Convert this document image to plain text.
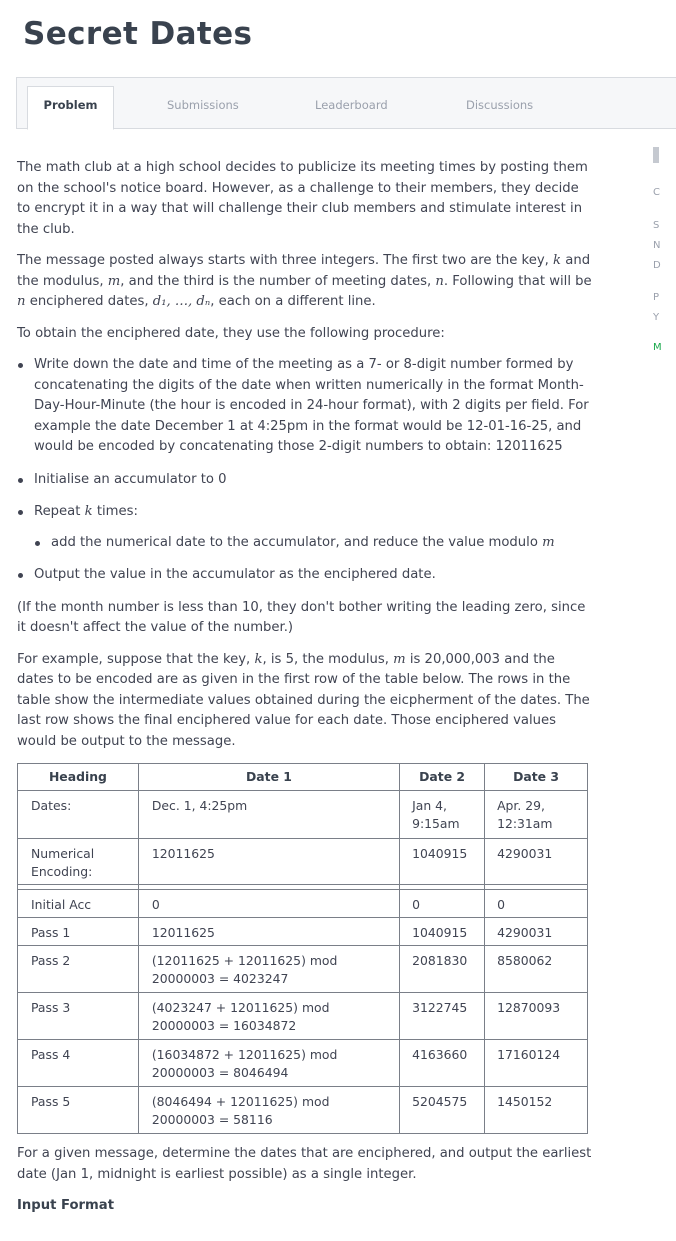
Secret Dates
Problem	Submissions	Leaderboard	Discussions
C
S
N
D
P
Y
M

The math club at a high school decides to publicize its meeting times by posting them on the school's notice board. However, as a challenge to their members, they decide to encrypt it in a way that will challenge their club members and stimulate interest in the club.

The message posted always starts with three integers. The first two are the key, k and the modulus, m, and the third is the number of meeting dates, n. Following that will be n enciphered dates, d₁, …, dₙ, each on a different line.

To obtain the enciphered date, they use the following procedure:

Write down the date and time of the meeting as a 7- or 8-digit number formed by concatenating the digits of the date when written numerically in the format Month-Day-Hour-Minute (the hour is encoded in 24-hour format), with 2 digits per field. For example the date December 1 at 4:25pm in the format would be 12-01-16-25, and would be encoded by concatenating those 2-digit numbers to obtain: 12011625
Initialise an accumulator to 0
Repeat k times:
add the numerical date to the accumulator, and reduce the value modulo m
Output the value in the accumulator as the enciphered date.

(If the month number is less than 10, they don't bother writing the leading zero, since it doesn't affect the value of the number.)

For example, suppose that the key, k, is 5, the modulus, m is 20,000,003 and the dates to be encoded are as given in the first row of the table below. The rows in the table show the intermediate values obtained during the eicpherment of the dates. The last row shows the final enciphered value for each date. Those enciphered values would be output to the message.

Heading	Date 1	Date 2	Date 3
Dates:	Dec. 1, 4:25pm	Jan 4, 9:15am	Apr. 29, 12:31am
Numerical Encoding:	12011625	1040915	4290031

Initial Acc	0	0	0
Pass 1	12011625	1040915	4290031
Pass 2	(12011625 + 12011625) mod 20000003 = 4023247	2081830	8580062
Pass 3	(4023247 + 12011625) mod 20000003 = 16034872	3122745	12870093
Pass 4	(16034872 + 12011625) mod 20000003 = 8046494	4163660	17160124
Pass 5	(8046494 + 12011625) mod 20000003 = 58116	5204575	1450152

For a given message, determine the dates that are enciphered, and output the earliest date (Jan 1, midnight is earliest possible) as a single integer.

Input Format
